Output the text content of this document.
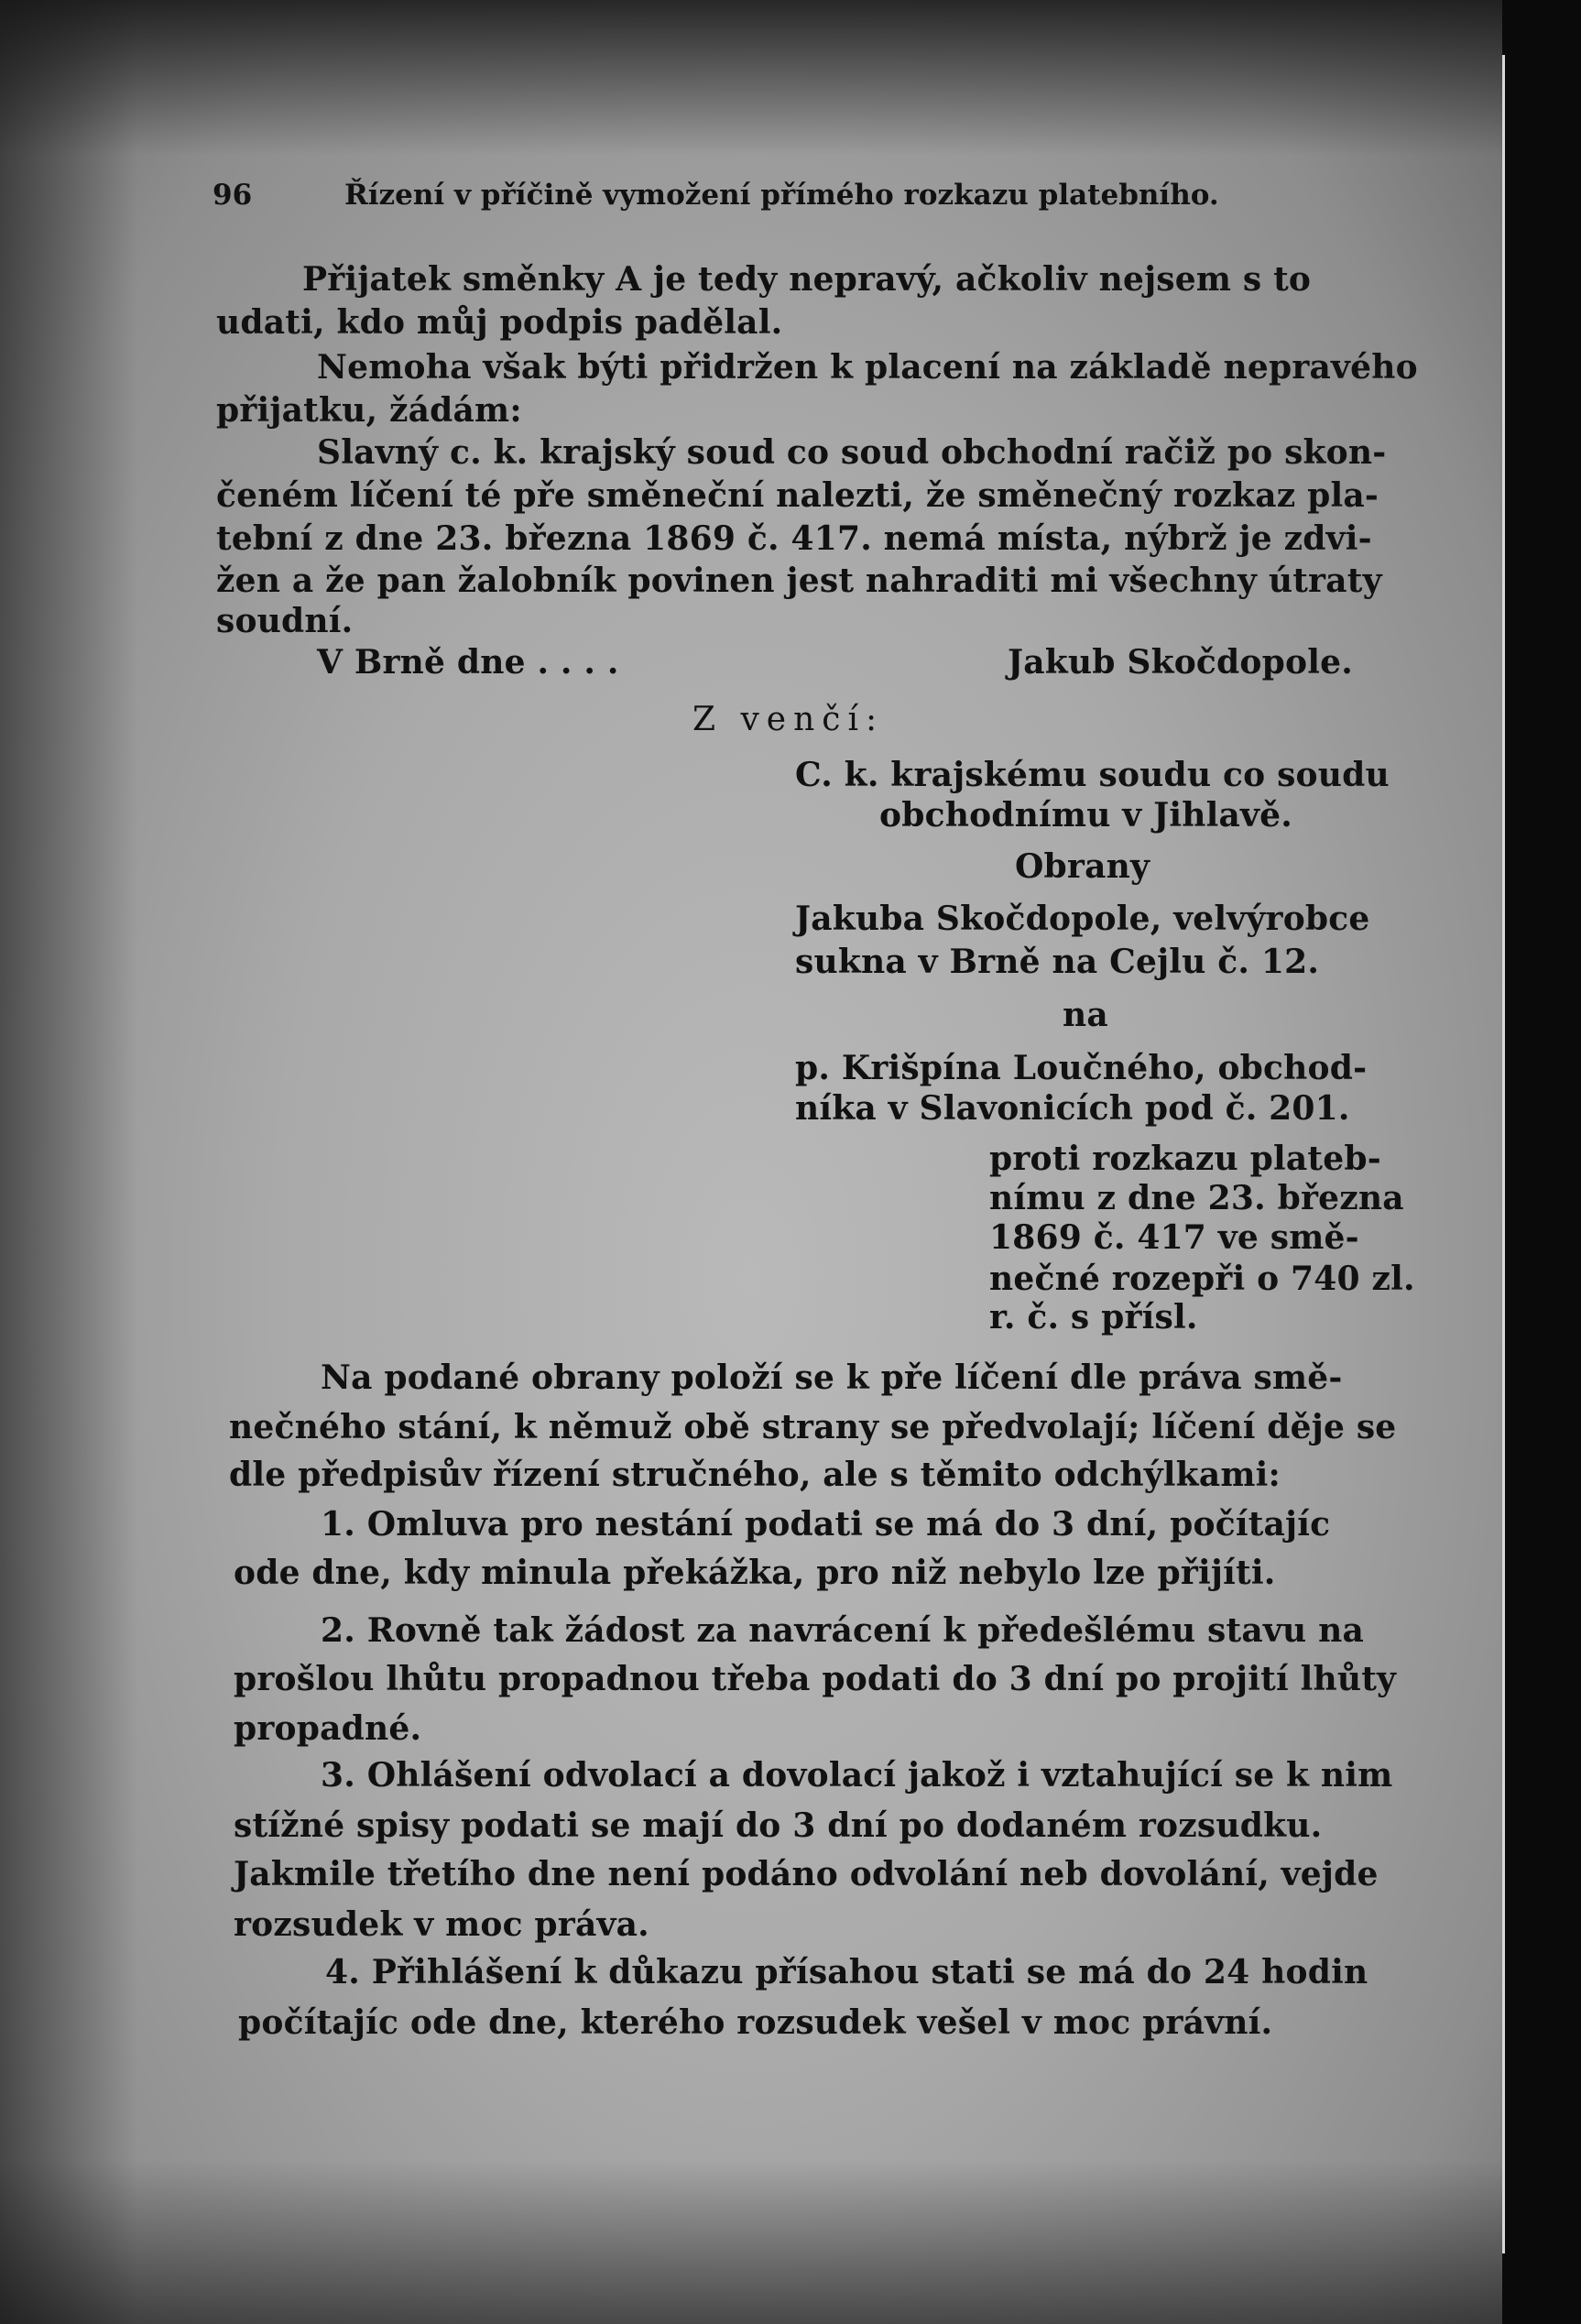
96	Řízení v příčině vymožení přímého rozkazu platebního.
Přijatek směnky A je tedy nepravý, ačkoliv nejsem s to
udati, kdo můj podpis padělal.
Nemoha však býti přidržen k placení na základě nepravého
přijatku, žádám:
Slavný c. k. krajský soud co soud obchodní račiž po skon-
čeném líčení té pře směneční nalezti, že směnečný rozkaz pla-
tební z dne 23. března 1869 č. 417. nemá místa, nýbrž je zdvi-
žen a že pan žalobník povinen jest nahraditi mi všechny útraty
soudní.
V Brně dne . . . .	Jakub Skočdopole.
Z venčí:
C. k. krajskému soudu co soudu
obchodnímu v Jihlavě.
Obrany
Jakuba Skočdopole, velvýrobce
sukna v Brně na Cejlu č. 12.
na
p. Krišpína Loučného, obchod-
níka v Slavonicích pod č. 201.
proti rozkazu plateb-
nímu z dne 23. března
1869 č. 417 ve smě-
nečné rozepři o 740 zl.
r. č. s přísl.
Na podané obrany položí se k pře líčení dle práva smě-
nečného stání, k němuž obě strany se předvolají; líčení děje se
dle předpisův řízení stručného, ale s těmito odchýlkami:
1. Omluva pro nestání podati se má do 3 dní, počítajíc
ode dne, kdy minula překážka, pro niž nebylo lze přijíti.
2. Rovně tak žádost za navrácení k předešlému stavu na
prošlou lhůtu propadnou třeba podati do 3 dní po projití lhůty
propadné.
3. Ohlášení odvolací a dovolací jakož i vztahující se k nim
stížné spisy podati se mají do 3 dní po dodaném rozsudku.
Jakmile třetího dne není podáno odvolání neb dovolání, vejde
rozsudek v moc práva.
4. Přihlášení k důkazu přísahou stati se má do 24 hodin
počítajíc ode dne, kterého rozsudek vešel v moc právní.
